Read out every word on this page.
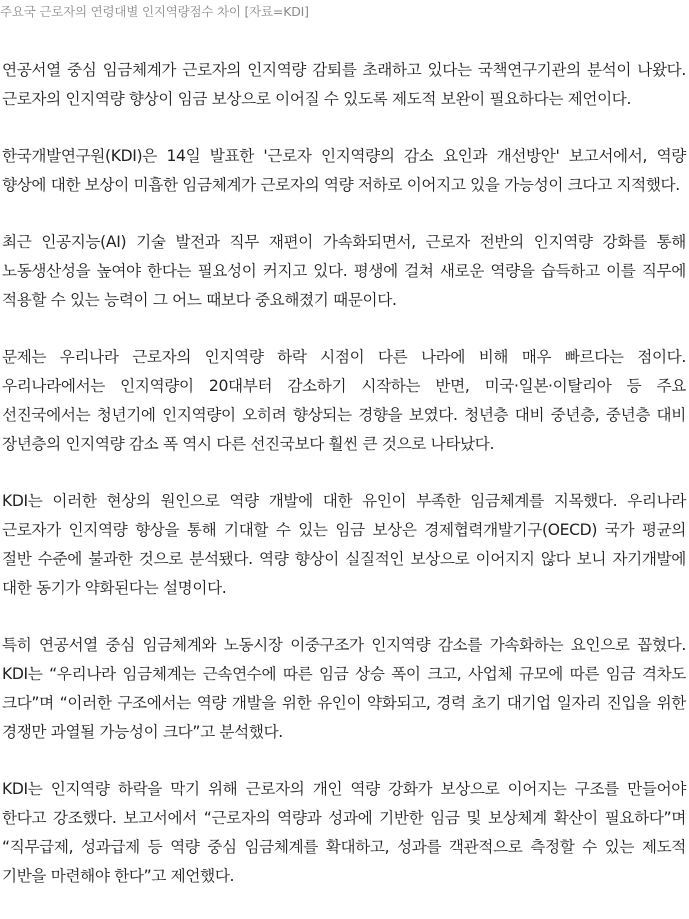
주요국 근로자의 연령대별 인지역량점수 차이 [자료=KDI]

연공서열 중심 임금체계가 근로자의 인지역량 감퇴를 초래하고 있다는 국책연구기관의 분석이 나왔다. 근로자의 인지역량 향상이 임금 보상으로 이어질 수 있도록 제도적 보완이 필요하다는 제언이다.

한국개발연구원(KDI)은 14일 발표한 '근로자 인지역량의 감소 요인과 개선방안' 보고서에서, 역량 향상에 대한 보상이 미흡한 임금체계가 근로자의 역량 저하로 이어지고 있을 가능성이 크다고 지적했다.

최근 인공지능(AI) 기술 발전과 직무 재편이 가속화되면서, 근로자 전반의 인지역량 강화를 통해 노동생산성을 높여야 한다는 필요성이 커지고 있다. 평생에 걸쳐 새로운 역량을 습득하고 이를 직무에 적용할 수 있는 능력이 그 어느 때보다 중요해졌기 때문이다.

문제는 우리나라 근로자의 인지역량 하락 시점이 다른 나라에 비해 매우 빠르다는 점이다. 우리나라에서는 인지역량이 20대부터 감소하기 시작하는 반면, 미국·일본·이탈리아 등 주요 선진국에서는 청년기에 인지역량이 오히려 향상되는 경향을 보였다. 청년층 대비 중년층, 중년층 대비 장년층의 인지역량 감소 폭 역시 다른 선진국보다 훨씬 큰 것으로 나타났다.

KDI는 이러한 현상의 원인으로 역량 개발에 대한 유인이 부족한 임금체계를 지목했다. 우리나라 근로자가 인지역량 향상을 통해 기대할 수 있는 임금 보상은 경제협력개발기구(OECD) 국가 평균의 절반 수준에 불과한 것으로 분석됐다. 역량 향상이 실질적인 보상으로 이어지지 않다 보니 자기개발에 대한 동기가 약화된다는 설명이다.

특히 연공서열 중심 임금체계와 노동시장 이중구조가 인지역량 감소를 가속화하는 요인으로 꼽혔다. KDI는 “우리나라 임금체계는 근속연수에 따른 임금 상승 폭이 크고, 사업체 규모에 따른 임금 격차도 크다”며 “이러한 구조에서는 역량 개발을 위한 유인이 약화되고, 경력 초기 대기업 일자리 진입을 위한 경쟁만 과열될 가능성이 크다”고 분석했다.

KDI는 인지역량 하락을 막기 위해 근로자의 개인 역량 강화가 보상으로 이어지는 구조를 만들어야 한다고 강조했다. 보고서에서 “근로자의 역량과 성과에 기반한 임금 및 보상체계 확산이 필요하다”며 “직무급제, 성과급제 등 역량 중심 임금체계를 확대하고, 성과를 객관적으로 측정할 수 있는 제도적 기반을 마련해야 한다”고 제언했다.
